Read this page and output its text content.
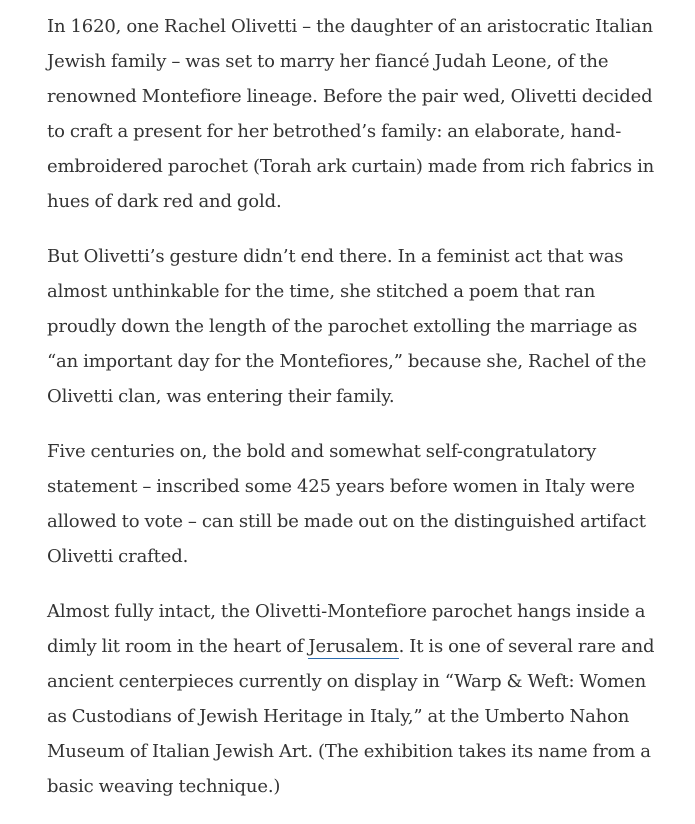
In 1620, one Rachel Olivetti – the daughter of an aristocratic Italian Jewish family – was set to marry her fiancé Judah Leone, of the renowned Montefiore lineage. Before the pair wed, Olivetti decided to craft a present for her betrothed’s family: an elaborate, hand-embroidered parochet (Torah ark curtain) made from rich fabrics in hues of dark red and gold.

But Olivetti’s gesture didn’t end there. In a feminist act that was almost unthinkable for the time, she stitched a poem that ran proudly down the length of the parochet extolling the marriage as “an important day for the Montefiores,” because she, Rachel of the Olivetti clan, was entering their family.

Five centuries on, the bold and somewhat self-congratulatory statement – inscribed some 425 years before women in Italy were allowed to vote – can still be made out on the distinguished artifact Olivetti crafted.

Almost fully intact, the Olivetti-Montefiore parochet hangs inside a dimly lit room in the heart of Jerusalem. It is one of several rare and ancient centerpieces currently on display in “Warp & Weft: Women as Custodians of Jewish Heritage in Italy,” at the Umberto Nahon Museum of Italian Jewish Art. (The exhibition takes its name from a basic weaving technique.)
